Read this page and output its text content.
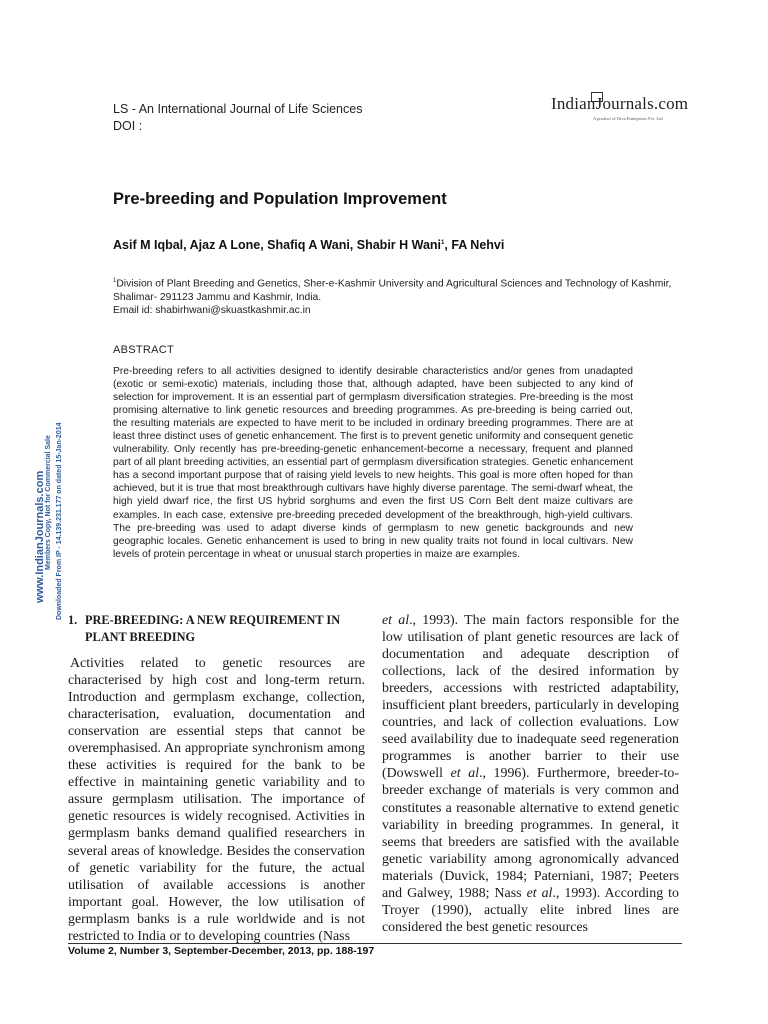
LS - An International Journal of Life Sciences
DOI :
IndianJournals.com
A product of Diva Enterprises Pvt. Ltd
Pre-breeding and Population Improvement
Asif M Iqbal, Ajaz A Lone, Shafiq A Wani, Shabir H Wani$^1$, FA Nehvi
$^1$Division of Plant Breeding and Genetics, Sher-e-Kashmir University and Agricultural Sciences and Technology of Kashmir, Shalimar- 291123 Jammu and Kashmir, India.
Email id: shabirhwani@skuastkashmir.ac.in
ABSTRACT
Pre-breeding refers to all activities designed to identify desirable characteristics and/or genes from unadapted (exotic or semi-exotic) materials, including those that, although adapted, have been subjected to any kind of selection for improvement. It is an essential part of germplasm diversification strategies. Pre-breeding is the most promising alternative to link genetic resources and breeding programmes. As pre-breeding is being carried out, the resulting materials are expected to have merit to be included in ordinary breeding programmes. There are at least three distinct uses of genetic enhancement. The first is to prevent genetic uniformity and consequent genetic vulnerability. Only recently has pre-breeding-genetic enhancement-become a necessary, frequent and planned part of all plant breeding activities, an essential part of germplasm diversification strategies. Genetic enhancement has a second important purpose that of raising yield levels to new heights. This goal is more often hoped for than achieved, but it is true that most breakthrough cultivars have highly diverse parentage. The semi-dwarf wheat, the high yield dwarf rice, the first US hybrid sorghums and even the first US Corn Belt dent maize cultivars are examples. In each case, extensive pre-breeding preceded development of the breakthrough, high-yield cultivars. The pre-breeding was used to adapt diverse kinds of germplasm to new genetic backgrounds and new geographic locales. Genetic enhancement is used to bring in new quality traits not found in local cultivars. New levels of protein percentage in wheat or unusual starch properties in maize are examples.
www.IndianJournals.com Members Copy, Not for Commercial Sale Downloaded From IP - 14.139.231.177 on dated 15-Jan-2014 1. PRE-BREEDING: A NEW REQUIREMENT IN PLANT BREEDING

Activities related to genetic resources are characterised by high cost and long-term return. Introduction and germplasm exchange, collection, characterisation, evaluation, documentation and conservation are essential steps that cannot be overemphasised. An appropriate synchronism among these activities is required for the bank to be effective in maintaining genetic variability and to assure germplasm utilisation. The importance of genetic resources is widely recognised. Activities in germplasm banks demand qualified researchers in several areas of knowledge. Besides the conservation of genetic variability for the future, the actual utilisation of available accessions is another important goal. However, the low utilisation of germplasm banks is a rule worldwide and is not restricted to India or to developing countries (Nass

et al., 1993). The main factors responsible for the low utilisation of plant genetic resources are lack of documentation and adequate description of collections, lack of the desired information by breeders, accessions with restricted adaptability, insufficient plant breeders, particularly in developing countries, and lack of collection evaluations. Low seed availability due to inadequate seed regeneration programmes is another barrier to their use (Dowswell et al., 1996). Furthermore, breeder-to-breeder exchange of materials is very common and constitutes a reasonable alternative to extend genetic variability in breeding programmes. In general, it seems that breeders are satisfied with the available genetic variability among agronomically advanced materials (Duvick, 1984; Paterniani, 1987; Peeters and Galwey, 1988; Nass et al., 1993). According to Troyer (1990), actually elite inbred lines are considered the best genetic resources

Volume 2, Number 3, September-December, 2013, pp. 188-197
